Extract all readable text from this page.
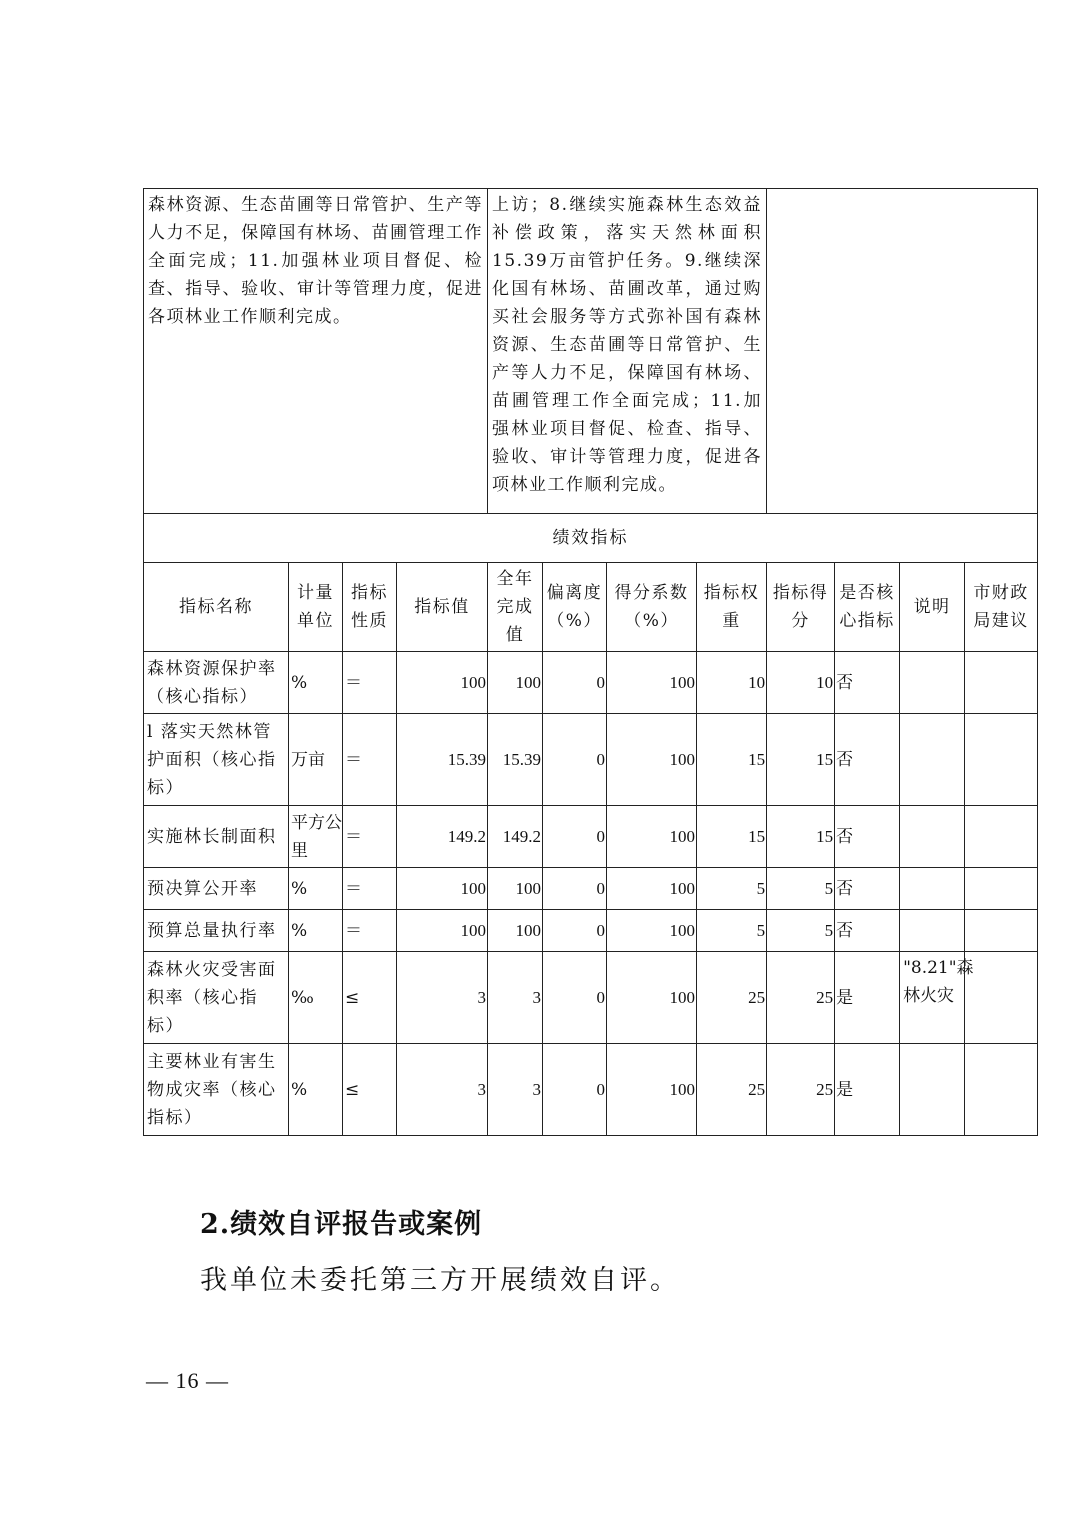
森林资源、生态苗圃等日常管护、生产等人力不足，保障国有林场、苗圃管理工作全面完成；11.加强林业项目督促、检查、指导、验收、审计等管理力度，促进各项林业工作顺利完成。				上访；8.继续实施森林生态效益补偿政策，落实天然林面积15.39万亩管护任务。9.继续深化国有林场、苗圃改革，通过购买社会服务等方式弥补国有森林资源、生态苗圃等日常管护、生产等人力不足，保障国有林场、苗圃管理工作全面完成；11.加强林业项目督促、检查、指导、验收、审计等管理力度，促进各项林业工作顺利完成。							
绩效指标											
指标名称	计量单位	指标性质	指标值	全年完成值	偏离度（%）	得分系数（%）	指标权重	指标得分	是否核心指标	说明	市财政局建议
森林资源保护率（核心指标）	%	＝	100	100	0	100	10	10	否		
l 落实天然林管护面积（核心指标）	万亩	＝	15.39	15.39	0	100	15	15	否		
实施林长制面积	平方公里	＝	149.2	149.2	0	100	15	15	否		
预决算公开率	%	＝	100	100	0	100	5	5	否		
预算总量执行率	%	＝	100	100	0	100	5	5	否		
森林火灾受害面积率（核心指标）	‰	≤	3	3	0	100	25	25	是	"8.21"森林火灾	
主要林业有害生物成灾率（核心指标）	%	≤	3	3	0	100	25	25	是		
2.绩效自评报告或案例

我单位未委托第三方开展绩效自评。

— 16 —
